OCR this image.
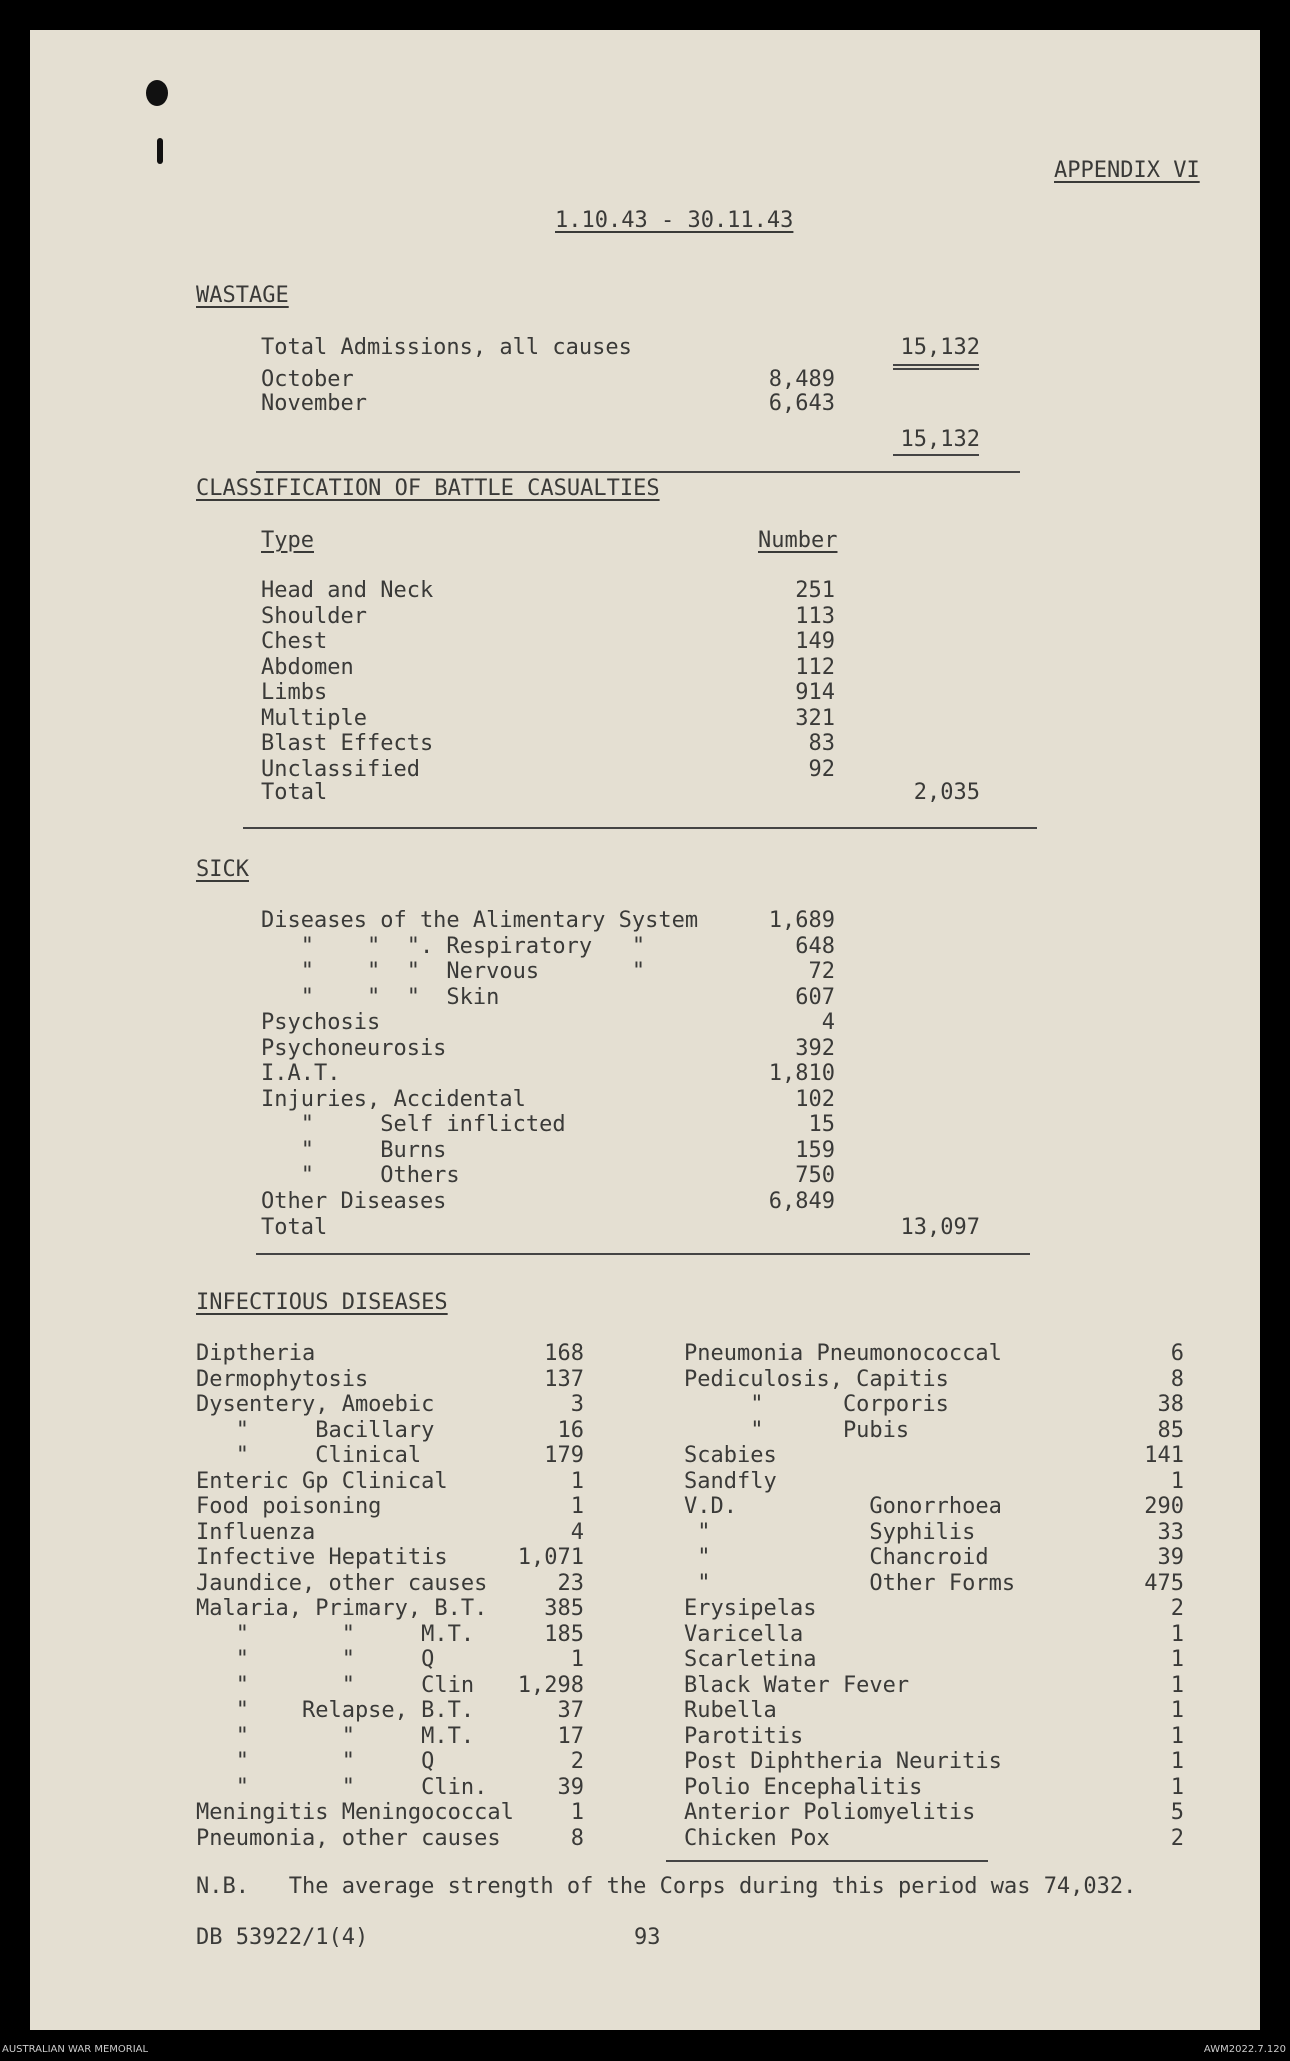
APPENDIX VI
1.10.43 - 30.11.43
WASTAGE
Total Admissions, all causes	15,132
October	8,489
November	6,643
15,132
CLASSIFICATION OF BATTLE CASUALTIES
Type	Number
Head and Neck	251
Shoulder	113
Chest	149
Abdomen	112
Limbs	914
Multiple	321
Blast Effects	83
Unclassified	92
Total	2,035
SICK
Diseases of the Alimentary System	1,689
"    "  ". Respiratory   "	648
"    "  "  Nervous       "	72
"    "  "  Skin	607
Psychosis	4
Psychoneurosis	392
I.A.T.	1,810
Injuries, Accidental	102
"     Self inflicted	15
"     Burns	159
"     Others	750
Other Diseases	6,849
Total	13,097
INFECTIOUS DISEASES
Diptheria	168
Dermophytosis	137
Dysentery, Amoebic	3
"     Bacillary	16
"     Clinical	179
Enteric Gp Clinical	1
Food poisoning	1
Influenza	4
Infective Hepatitis	1,071
Jaundice, other causes	23
Malaria, Primary, B.T.	385
"       "     M.T.	185
"       "     Q	1
"       "     Clin	1,298
"    Relapse, B.T.	37
"       "     M.T.	17
"       "     Q	2
"       "     Clin.	39
Meningitis Meningococcal	1
Pneumonia, other causes	8
Pneumonia Pneumonococcal	6
Pediculosis, Capitis	8
"      Corporis	38
"      Pubis	85
Scabies	141
Sandfly	1
V.D.          Gonorrhoea	290
"            Syphilis	33
"            Chancroid	39
"            Other Forms	475
Erysipelas	2
Varicella	1
Scarletina	1
Black Water Fever	1
Rubella	1
Parotitis	1
Post Diphtheria Neuritis	1
Polio Encephalitis	1
Anterior Poliomyelitis	5
Chicken Pox	2
N.B.   The average strength of the Corps during this period was 74,032.
DB 53922/1(4)	93
AUSTRALIAN WAR MEMORIAL	AWM2022.7.120
